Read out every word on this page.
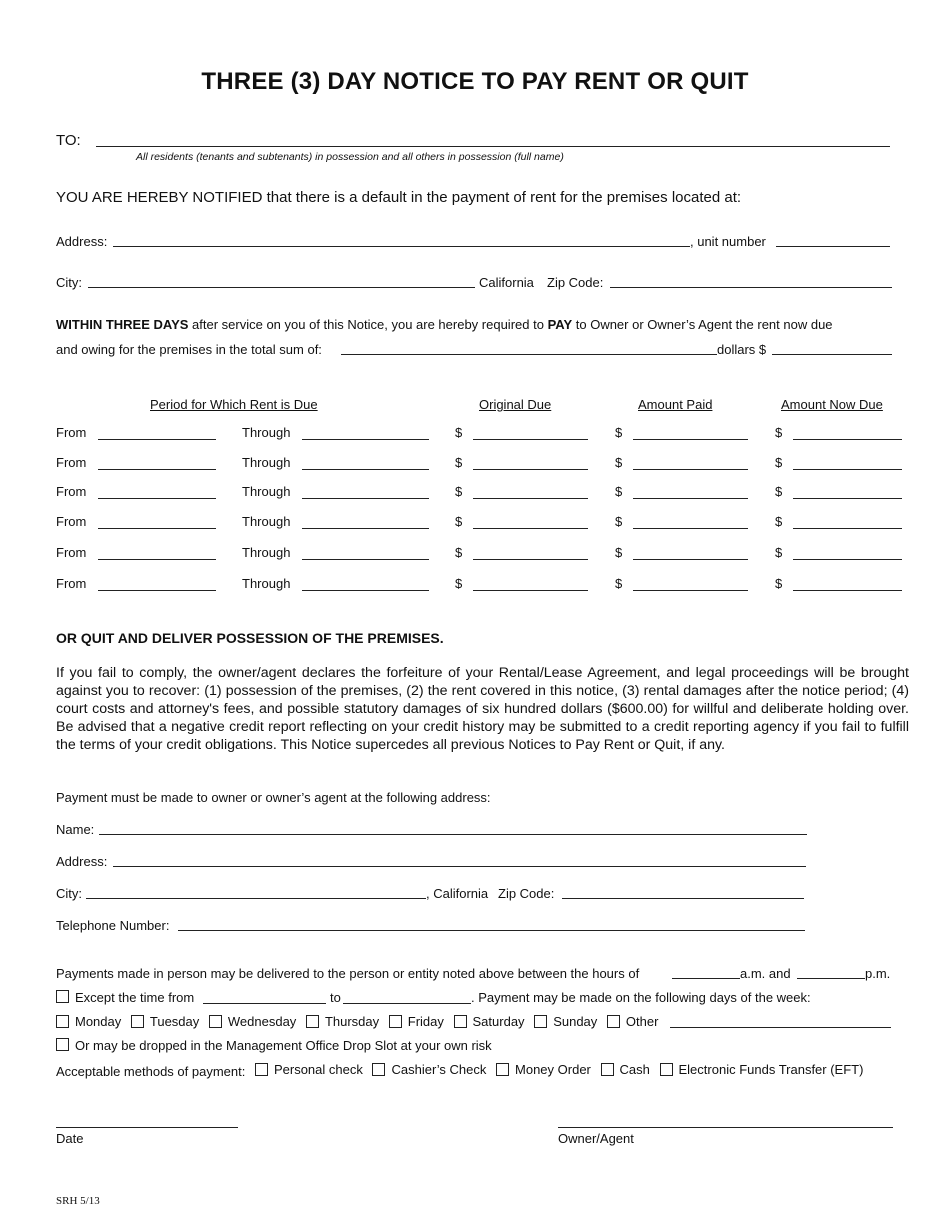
THREE (3) DAY NOTICE TO PAY RENT OR QUIT
TO:
All residents (tenants and subtenants) in possession and all others in possession (full name)
YOU ARE HEREBY NOTIFIED that there is a default in the payment of rent for the premises located at:
Address:	, unit number
City:	California Zip Code:
WITHIN THREE DAYS after service on you of this Notice, you are hereby required to PAY to Owner or Owner’s Agent the rent now due
and owing for the premises in the total sum of:	dollars $
Period for Which Rent is Due	Original Due	Amount Paid	Amount Now Due
From	Through	$	$	$
From	Through	$	$	$
From	Through	$	$	$
From	Through	$	$	$
From	Through	$	$	$
From	Through	$	$	$
OR QUIT AND DELIVER POSSESSION OF THE PREMISES.
If you fail to comply, the owner/agent declares the forfeiture of your Rental/Lease Agreement, and legal proceedings will be brought against you to recover: (1) possession of the premises, (2) the rent covered in this notice, (3) rental damages after the notice period; (4) court costs and attorney's fees, and possible statutory damages of six hundred dollars ($600.00) for willful and deliberate holding over. Be advised that a negative credit report reflecting on your credit history may be submitted to a credit reporting agency if you fail to fulfill the terms of your credit obligations. This Notice supercedes all previous Notices to Pay Rent or Quit, if any.
Payment must be made to owner or owner’s agent at the following address:
Name:
Address:
City:	, California Zip Code:
Telephone Number:
Payments made in person may be delivered to the person or entity noted above between the hours of	a.m. and	p.m.
Except the time from	to	. Payment may be made on the following days of the week:
Monday
Tuesday
Wednesday
Thursday
Friday
Saturday
Sunday
Other
Or may be dropped in the Management Office Drop Slot at your own risk
Acceptable methods of payment: Personal check
Cashier’s Check
Money Order
Cash
Electronic Funds Transfer (EFT)
Date	Owner/Agent
SRH 5/13
